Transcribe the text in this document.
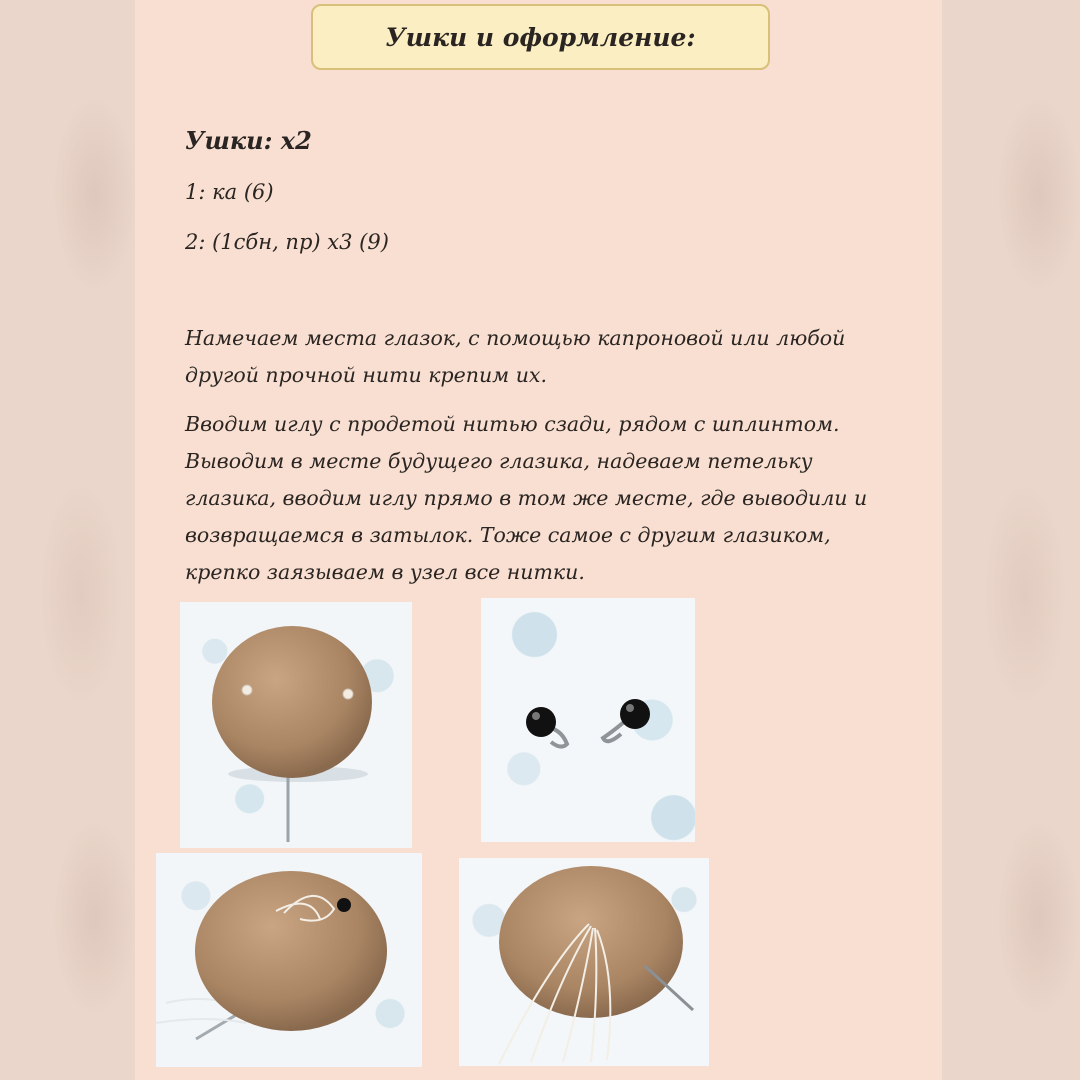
Ушки и оформление:
Ушки: х2
1: ка (6)
2: (1сбн, пр) х3 (9)

Намечаем места глазок, с помощью капроновой или любой другой прочной нити крепим их.

Вводим иглу с продетой нитью сзади, рядом с шплинтом. Выводим в месте будущего глазика, надеваем петельку глазика, вводим иглу прямо в том же месте, где выводили и возвращаемся в затылок. Тоже самое с другим глазиком, крепко заязываем в узел все нитки.
